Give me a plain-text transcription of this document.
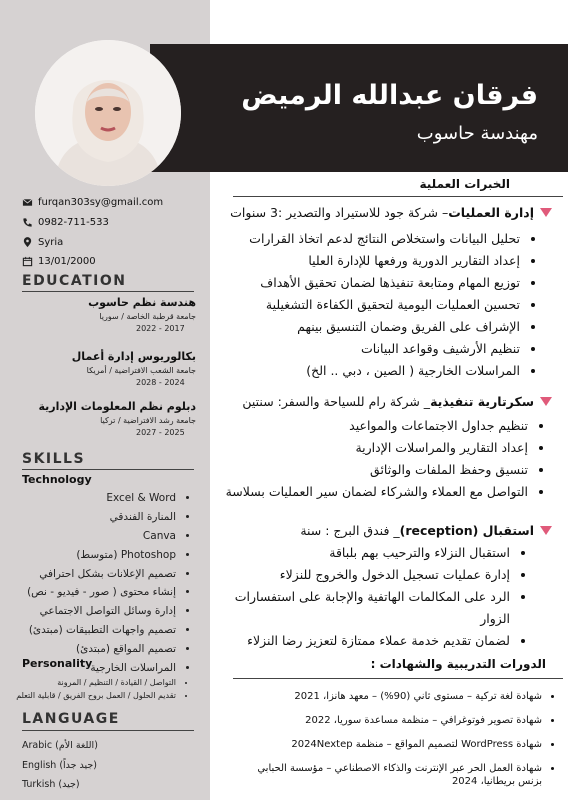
فرقان عبدالله الرميض
مهندسة حاسوب
furqan303sy@gmail.com
0982-711-533
Syria
13/01/2000
EDUCATION
هندسة نظم حاسوب
جامعة قرطبة الخاصة / سوريا
2017 - 2022
بكالوريوس إدارة أعمال
جامعة الشعب الافتراضية / أمريكا
2024 - 2028
دبلوم نظم المعلومات الإدارية
جامعة رشد الافتراضية / تركيا
2025 - 2027
SKILLS
Technology
• Excel & Word
• المنارة الفندقي
• Canva
• Photoshop (متوسط)
• تصميم الإعلانات بشكل احترافي
• إنشاء محتوى ( صور - فيديو - نص)
• إدارة وسائل التواصل الاجتماعي
• تصميم واجهات التطبيقات (مبتدئ)
• تصميم المواقع (مبتدئ)
• المراسلات الخارجية
Personality
• التواصل / القيادة / التنظيم / المرونة
• تقديم الحلول / العمل بروح الفريق / قابلية التعلم
LANGUAGE
Arabic (اللغة الأم)
English (جيد جداً)
Turkish (جيد)
الخبرات العملية
إدارة العمليات
– شركة جود للاستيراد والتصدير :3 سنوات
• تحليل البيانات واستخلاص النتائج لدعم اتخاذ القرارات
• إعداد التقارير الدورية ورفعها للإدارة العليا
• توزيع المهام ومتابعة تنفيذها لضمان تحقيق الأهداف
• تحسين العمليات اليومية لتحقيق الكفاءة التشغيلية
• الإشراف على الفريق وضمان التنسيق بينهم
• تنظيم الأرشيف وقواعد البيانات
• المراسلات الخارجية ( الصين ، دبي .. الخ)
سكرتارية تنفيذية
_ شركة رام للسياحة والسفر: سنتين
• تنظيم جداول الاجتماعات والمواعيد
• إعداد التقارير والمراسلات الإدارية
• تنسيق وحفظ الملفات والوثائق
• التواصل مع العملاء والشركاء لضمان سير العمليات بسلاسة
استقبال (reception)
_ فندق البرج : سنة
• استقبال النزلاء والترحيب بهم بلباقة
• إدارة عمليات تسجيل الدخول والخروج للنزلاء
• الرد على المكالمات الهاتفية والإجابة على استفسارات الزوار
• لضمان تقديم خدمة عملاء ممتازة لتعزيز رضا النزلاء
الدورات التدريبية والشهادات :
• شهادة لغة تركية – مستوى ثاني (90%) – معهد هانزا، 2021
• شهادة تصوير فوتوغرافي – منظمة مساعدة سوريا، 2022
• شهادة WordPress لتصميم المواقع – منظمة 2024Nextep
• شهادة العمل الحر عبر الإنترنت والذكاء الاصطناعي – مؤسسة الحبابي بزنس بريطانيا، 2024
